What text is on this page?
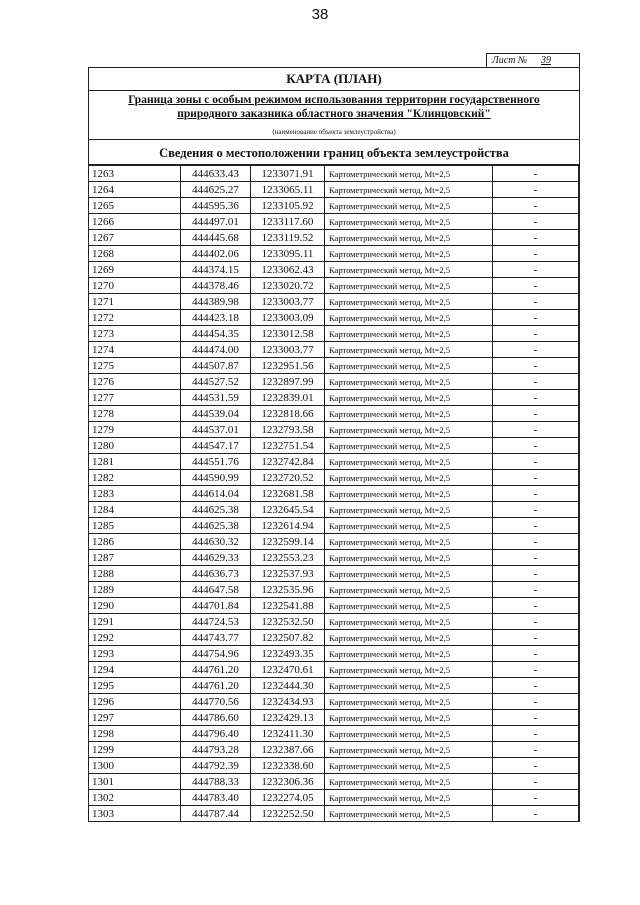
38
Лист № 39
КАРТА (ПЛАН)
Граница зоны с особым режимом использования территории государственного
природного заказника областного значения "Клинцовский"
(наименование объекта землеустройства)
Сведения о местоположении границ объекта землеустройства
1263	444633.43	1233071.91	Картометрический метод, Mt=2,5	-
1264	444625.27	1233065.11	Картометрический метод, Mt=2,5	-
1265	444595.36	1233105.92	Картометрический метод, Mt=2,5	-
1266	444497.01	1233117.60	Картометрический метод, Mt=2,5	-
1267	444445.68	1233119.52	Картометрический метод, Mt=2,5	-
1268	444402.06	1233095.11	Картометрический метод, Mt=2,5	-
1269	444374.15	1233062.43	Картометрический метод, Mt=2,5	-
1270	444378.46	1233020.72	Картометрический метод, Mt=2,5	-
1271	444389.98	1233003.77	Картометрический метод, Mt=2,5	-
1272	444423.18	1233003.09	Картометрический метод, Mt=2,5	-
1273	444454.35	1233012.58	Картометрический метод, Mt=2,5	-
1274	444474.00	1233003.77	Картометрический метод, Mt=2,5	-
1275	444507.87	1232951.56	Картометрический метод, Mt=2,5	-
1276	444527.52	1232897.99	Картометрический метод, Mt=2,5	-
1277	444531.59	1232839.01	Картометрический метод, Mt=2,5	-
1278	444539.04	1232818.66	Картометрический метод, Mt=2,5	-
1279	444537.01	1232793.58	Картометрический метод, Mt=2,5	-
1280	444547.17	1232751.54	Картометрический метод, Mt=2,5	-
1281	444551.76	1232742.84	Картометрический метод, Mt=2,5	-
1282	444590.99	1232720.52	Картометрический метод, Mt=2,5	-
1283	444614.04	1232681.58	Картометрический метод, Mt=2,5	-
1284	444625.38	1232645.54	Картометрический метод, Mt=2,5	-
1285	444625.38	1232614.94	Картометрический метод, Mt=2,5	-
1286	444630.32	1232599.14	Картометрический метод, Mt=2,5	-
1287	444629.33	1232553.23	Картометрический метод, Mt=2,5	-
1288	444636.73	1232537.93	Картометрический метод, Mt=2,5	-
1289	444647.58	1232535.96	Картометрический метод, Mt=2,5	-
1290	444701.84	1232541.88	Картометрический метод, Mt=2,5	-
1291	444724.53	1232532.50	Картометрический метод, Mt=2,5	-
1292	444743.77	1232507.82	Картометрический метод, Mt=2,5	-
1293	444754.96	1232493.35	Картометрический метод, Mt=2,5	-
1294	444761.20	1232470.61	Картометрический метод, Mt=2,5	-
1295	444761.20	1232444.30	Картометрический метод, Mt=2,5	-
1296	444770.56	1232434.93	Картометрический метод, Mt=2,5	-
1297	444786.60	1232429.13	Картометрический метод, Mt=2,5	-
1298	444796.40	1232411.30	Картометрический метод, Mt=2,5	-
1299	444793.28	1232387.66	Картометрический метод, Mt=2,5	-
1300	444792.39	1232338.60	Картометрический метод, Mt=2,5	-
1301	444788.33	1232306.36	Картометрический метод, Mt=2,5	-
1302	444783.40	1232274.05	Картометрический метод, Mt=2,5	-
1303	444787.44	1232252.50	Картометрический метод, Mt=2,5	-
